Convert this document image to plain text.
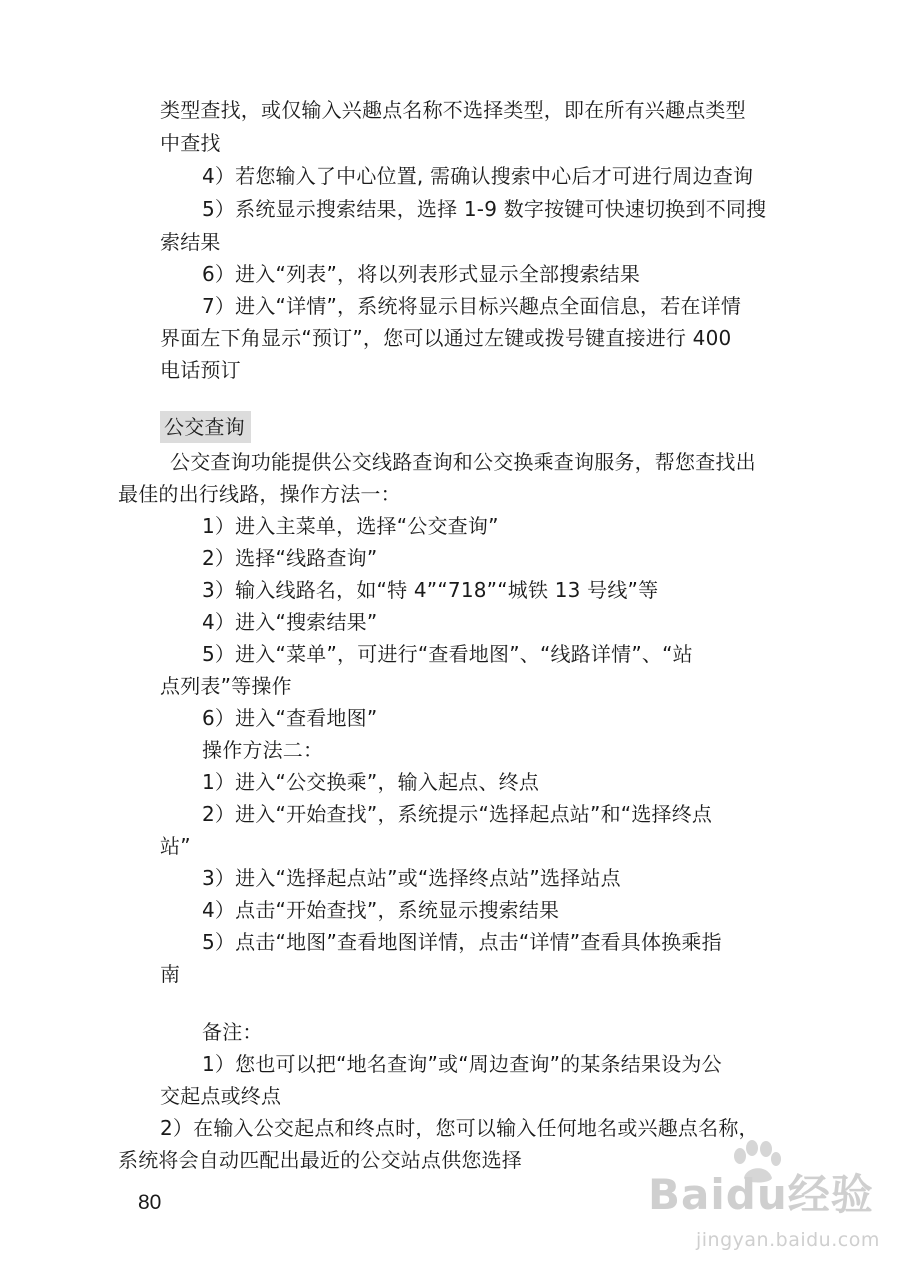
类型查找，或仅输入兴趣点名称不选择类型，即在所有兴趣点类型
中查找
4）若您输入了中心位置, 需确认搜索中心后才可进行周边查询
5）系统显示搜索结果，选择 1-9 数字按键可快速切换到不同搜
索结果
6）进入“列表”，将以列表形式显示全部搜索结果
7）进入“详情”，系统将显示目标兴趣点全面信息，若在详情
界面左下角显示“预订”，您可以通过左键或拨号键直接进行 400
电话预订
公交查询
公交查询功能提供公交线路查询和公交换乘查询服务，帮您查找出
最佳的出行线路，操作方法一：
1）进入主菜单，选择“公交查询”
2）选择“线路查询”
3）输入线路名，如“特 4”“718”“城铁 13 号线”等
4）进入“搜索结果”
5）进入“菜单”，可进行“查看地图”、“线路详情”、“站
点列表”等操作
6）进入“查看地图”
操作方法二：
1）进入“公交换乘”，输入起点、终点
2）进入“开始查找”，系统提示“选择起点站”和“选择终点
站”
3）进入“选择起点站”或“选择终点站”选择站点
4）点击“开始查找”，系统显示搜索结果
5）点击“地图”查看地图详情，点击“详情”查看具体换乘指
南
备注：
1）您也可以把“地名查询”或“周边查询”的某条结果设为公
交起点或终点
2）在输入公交起点和终点时，您可以输入任何地名或兴趣点名称，
系统将会自动匹配出最近的公交站点供您选择
80	Baidu经验
jingyan.baidu.com
